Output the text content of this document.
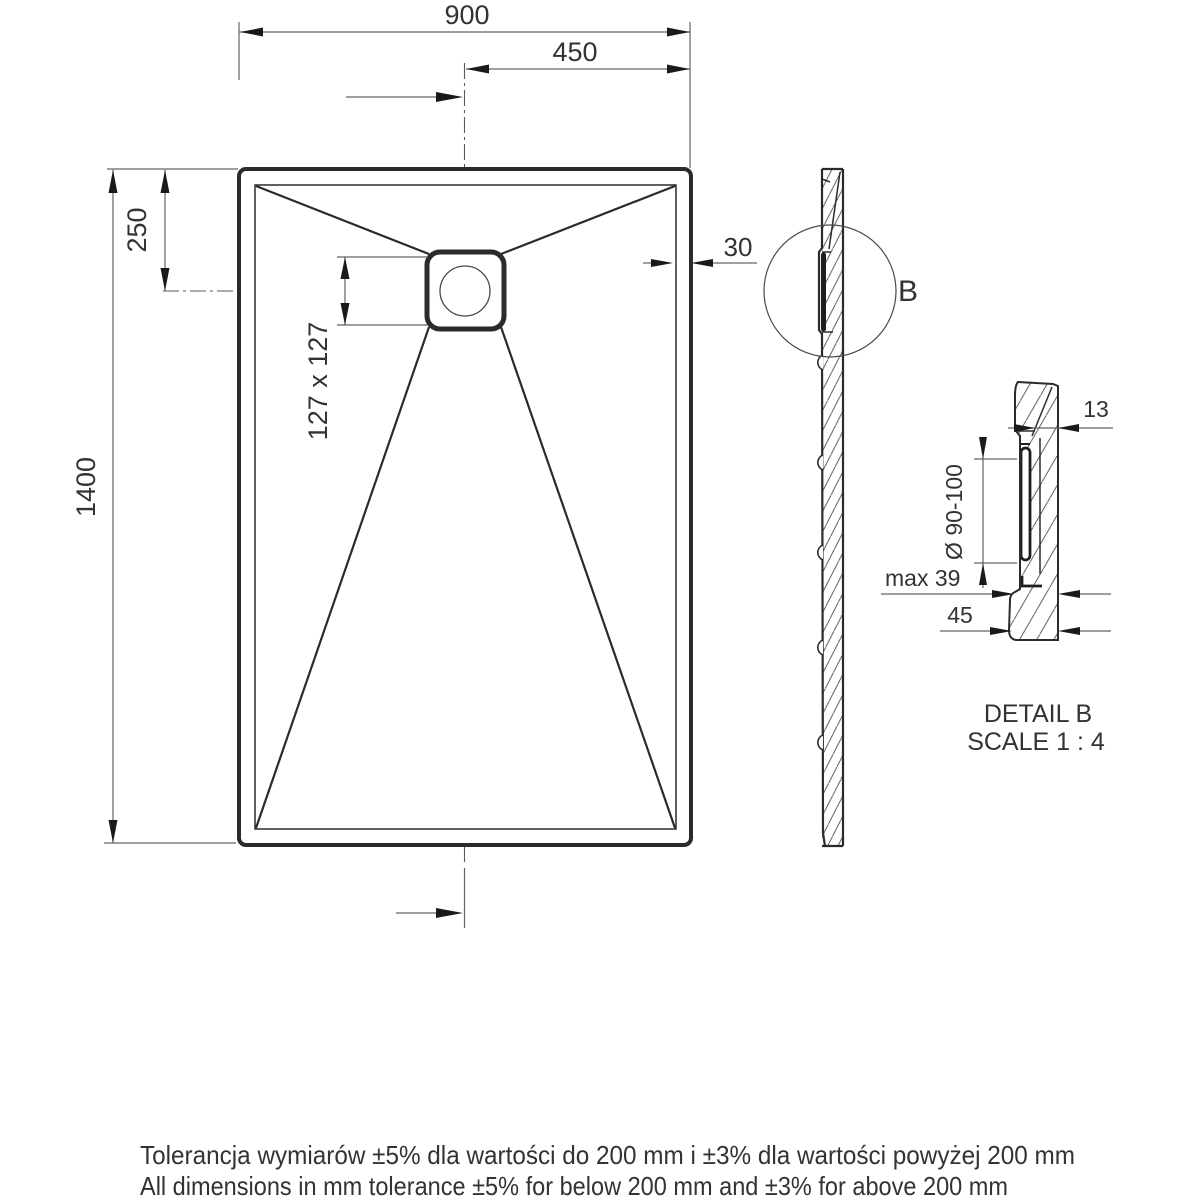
900
450
250
1400
127 x 127
30
B
13
Ø 90-100
max 39
45
DETAIL B
SCALE 1 : 4
Tolerancja wymiarów ±5% dla wartości do 200 mm i ±3% dla wartości powyżej 200 mm
All dimensions in mm tolerance ±5% for below 200 mm and ±3% for above 200 mm
